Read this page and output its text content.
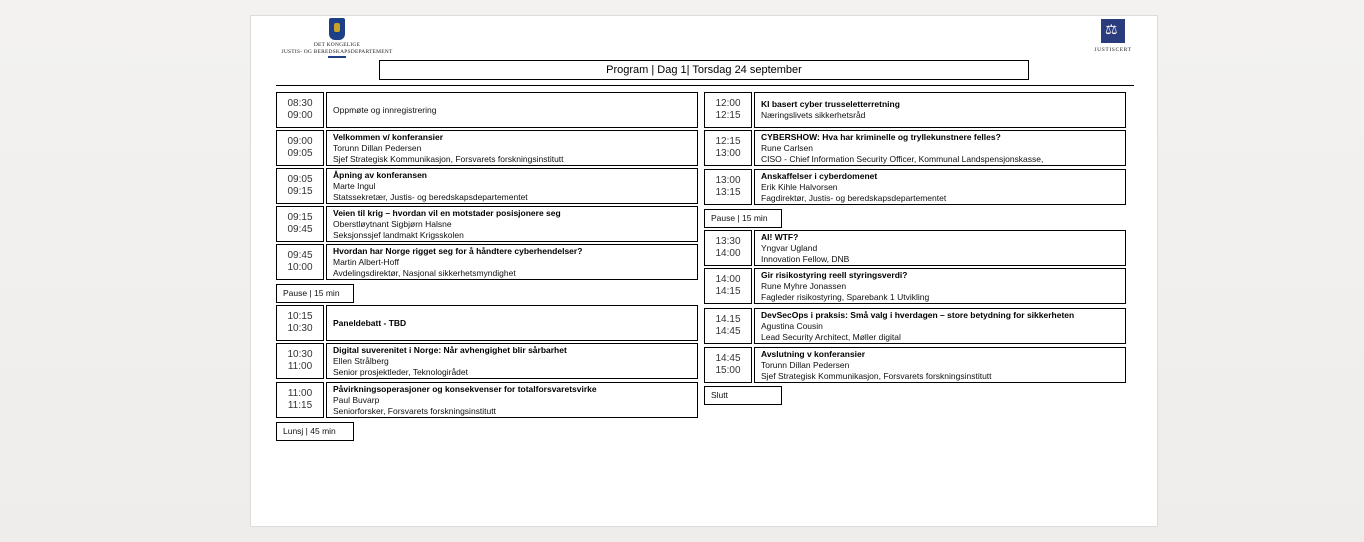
DET KONGELIGE
JUSTIS- OG BEREDSKAPSDEPARTEMENT
⚖
JUSTISCERT
Program | Dag 1| Torsdag 24 september
08:30
09:00
Oppmøte og innregistrering
09:00
09:05
Velkommen v/ konferansier
Torunn Dillan Pedersen
Sjef Strategisk Kommunikasjon, Forsvarets forskningsinstitutt
09:05
09:15
Åpning av konferansen
Marte Ingul
Statssekretær, Justis- og beredskapsdepartementet
09:15
09:45
Veien til krig – hvordan vil en motstader posisjonere seg
Oberstløytnant Sigbjørn Halsne
Seksjonssjef landmakt Krigsskolen
09:45
10:00
Hvordan har Norge rigget seg for å håndtere cyberhendelser?
Martin Albert-Hoff
Avdelingsdirektør, Nasjonal sikkerhetsmyndighet
Pause | 15 min
10:15
10:30
Paneldebatt - TBD
10:30
11:00
Digital suverenitet i Norge: Når avhengighet blir sårbarhet
Ellen Strålberg
Senior prosjektleder, Teknologirådet
11:00
11:15
Påvirkningsoperasjoner og konsekvenser for totalforsvaretsvirke
Paul Buvarp
Seniorforsker, Forsvarets forskningsinstitutt
Lunsj | 45 min
12:00
12:15
KI basert cyber trusseletterretning
Næringslivets sikkerhetsråd
12:15
13:00
CYBERSHOW: Hva har kriminelle og tryllekunstnere felles?
Rune Carlsen
CISO - Chief Information Security Officer, Kommunal Landspensjonskasse,
13:00
13:15
Anskaffelser i cyberdomenet
Erik Kihle Halvorsen
Fagdirektør, Justis- og beredskapsdepartementet
Pause | 15 min
13:30
14:00
AI! WTF?
Yngvar Ugland
Innovation Fellow, DNB
14:00
14:15
Gir risikostyring reell styringsverdi?
Rune Myhre Jonassen
Fagleder risikostyring, Sparebank 1 Utvikling
14.15
14:45
DevSecOps i praksis: Små valg i hverdagen – store betydning for sikkerheten
Agustina Cousin
Lead Security Architect, Møller digital
14:45
15:00
Avslutning v konferansier
Torunn Dillan Pedersen
Sjef Strategisk Kommunikasjon, Forsvarets forskningsinstitutt
Slutt
